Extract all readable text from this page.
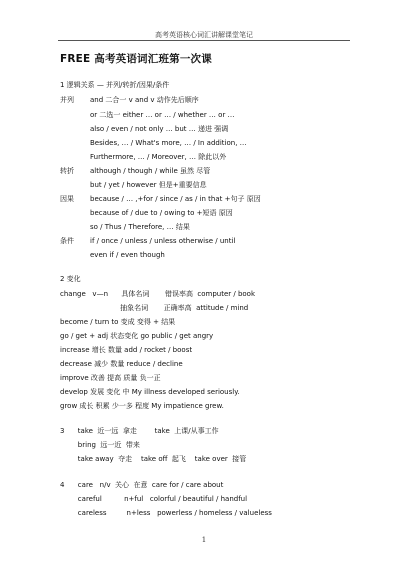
高考英语核心词汇讲解课堂笔记
FREE 高考英语词汇班第一次课
1 逻辑关系 — 并列/转折/因果/条件
并列 and 二合一 v and v 动作先后顺序
or 二选一 either … or … / whether … or …
also / even / not only … but … 递进 强调
Besides, … / What's more, … / In addition, …
Furthermore, … / Moreover, … 除此以外
转折 although / though / while 虽然 尽管
but / yet / however 但是+重要信息
因果 because / … ,+for / since / as / in that +句子 原因
because of / due to / owing to +短语 原因
so / Thus / Therefore, … 结果
条件 if / once / unless / unless otherwise / until
even if / even though
2 变化
change   v—n      具体名词       错误率高  computer / book
抽象名词       正确率高  attitude / mind
become / turn to 变成 变得 + 结果
go / get + adj 状态变化 go public / get angry
increase 增长 数量 add / rocket / boost
decrease 减少 数量 reduce / decline
improve 改善 提高 质量 负一正
develop 发展 变化 中 My illness developed seriously.
grow 成长 积累 少一多 程度 My impatience grew.
3      take  近一远  拿走        take  上课/从事工作
bring  远一近  带来
take away  夺走    take off  起飞    take over  接管
4      care   n/v  关心  在意  care for / care about
careful          n+ful   colorful / beautiful / handful
careless         n+less   powerless / homeless / valueless
1
